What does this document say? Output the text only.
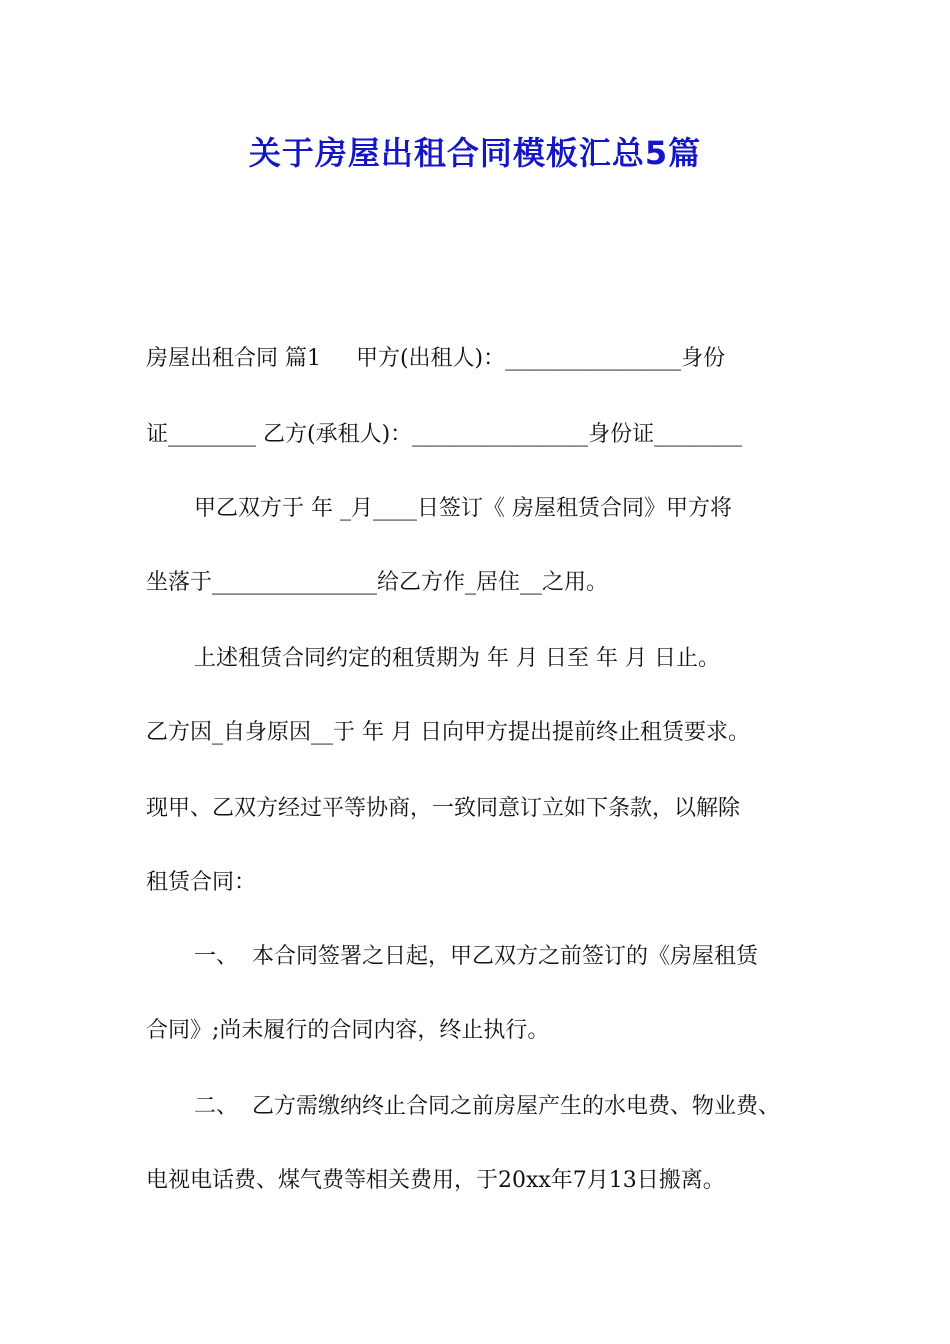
关于房屋出租合同模板汇总5篇

房屋出租合同 篇1     甲方(出租人)：________________身份

证________ 乙方(承租人)：________________身份证________

甲乙双方于 年 _月____日签订《 房屋租赁合同》甲方将

坐落于_______________给乙方作_居住__之用。

上述租赁合同约定的租赁期为 年 月 日至 年 月 日止。

乙方因_自身原因__于 年 月 日向甲方提出提前终止租赁要求。

现甲、乙双方经过平等协商，一致同意订立如下条款，以解除

租赁合同：

一、  本合同签署之日起，甲乙双方之前签订的《房屋租赁

合同》;尚未履行的合同内容，终止执行。

二、  乙方需缴纳终止合同之前房屋产生的水电费、物业费、

电视电话费、煤气费等相关费用，于20xx年7月13日搬离。
